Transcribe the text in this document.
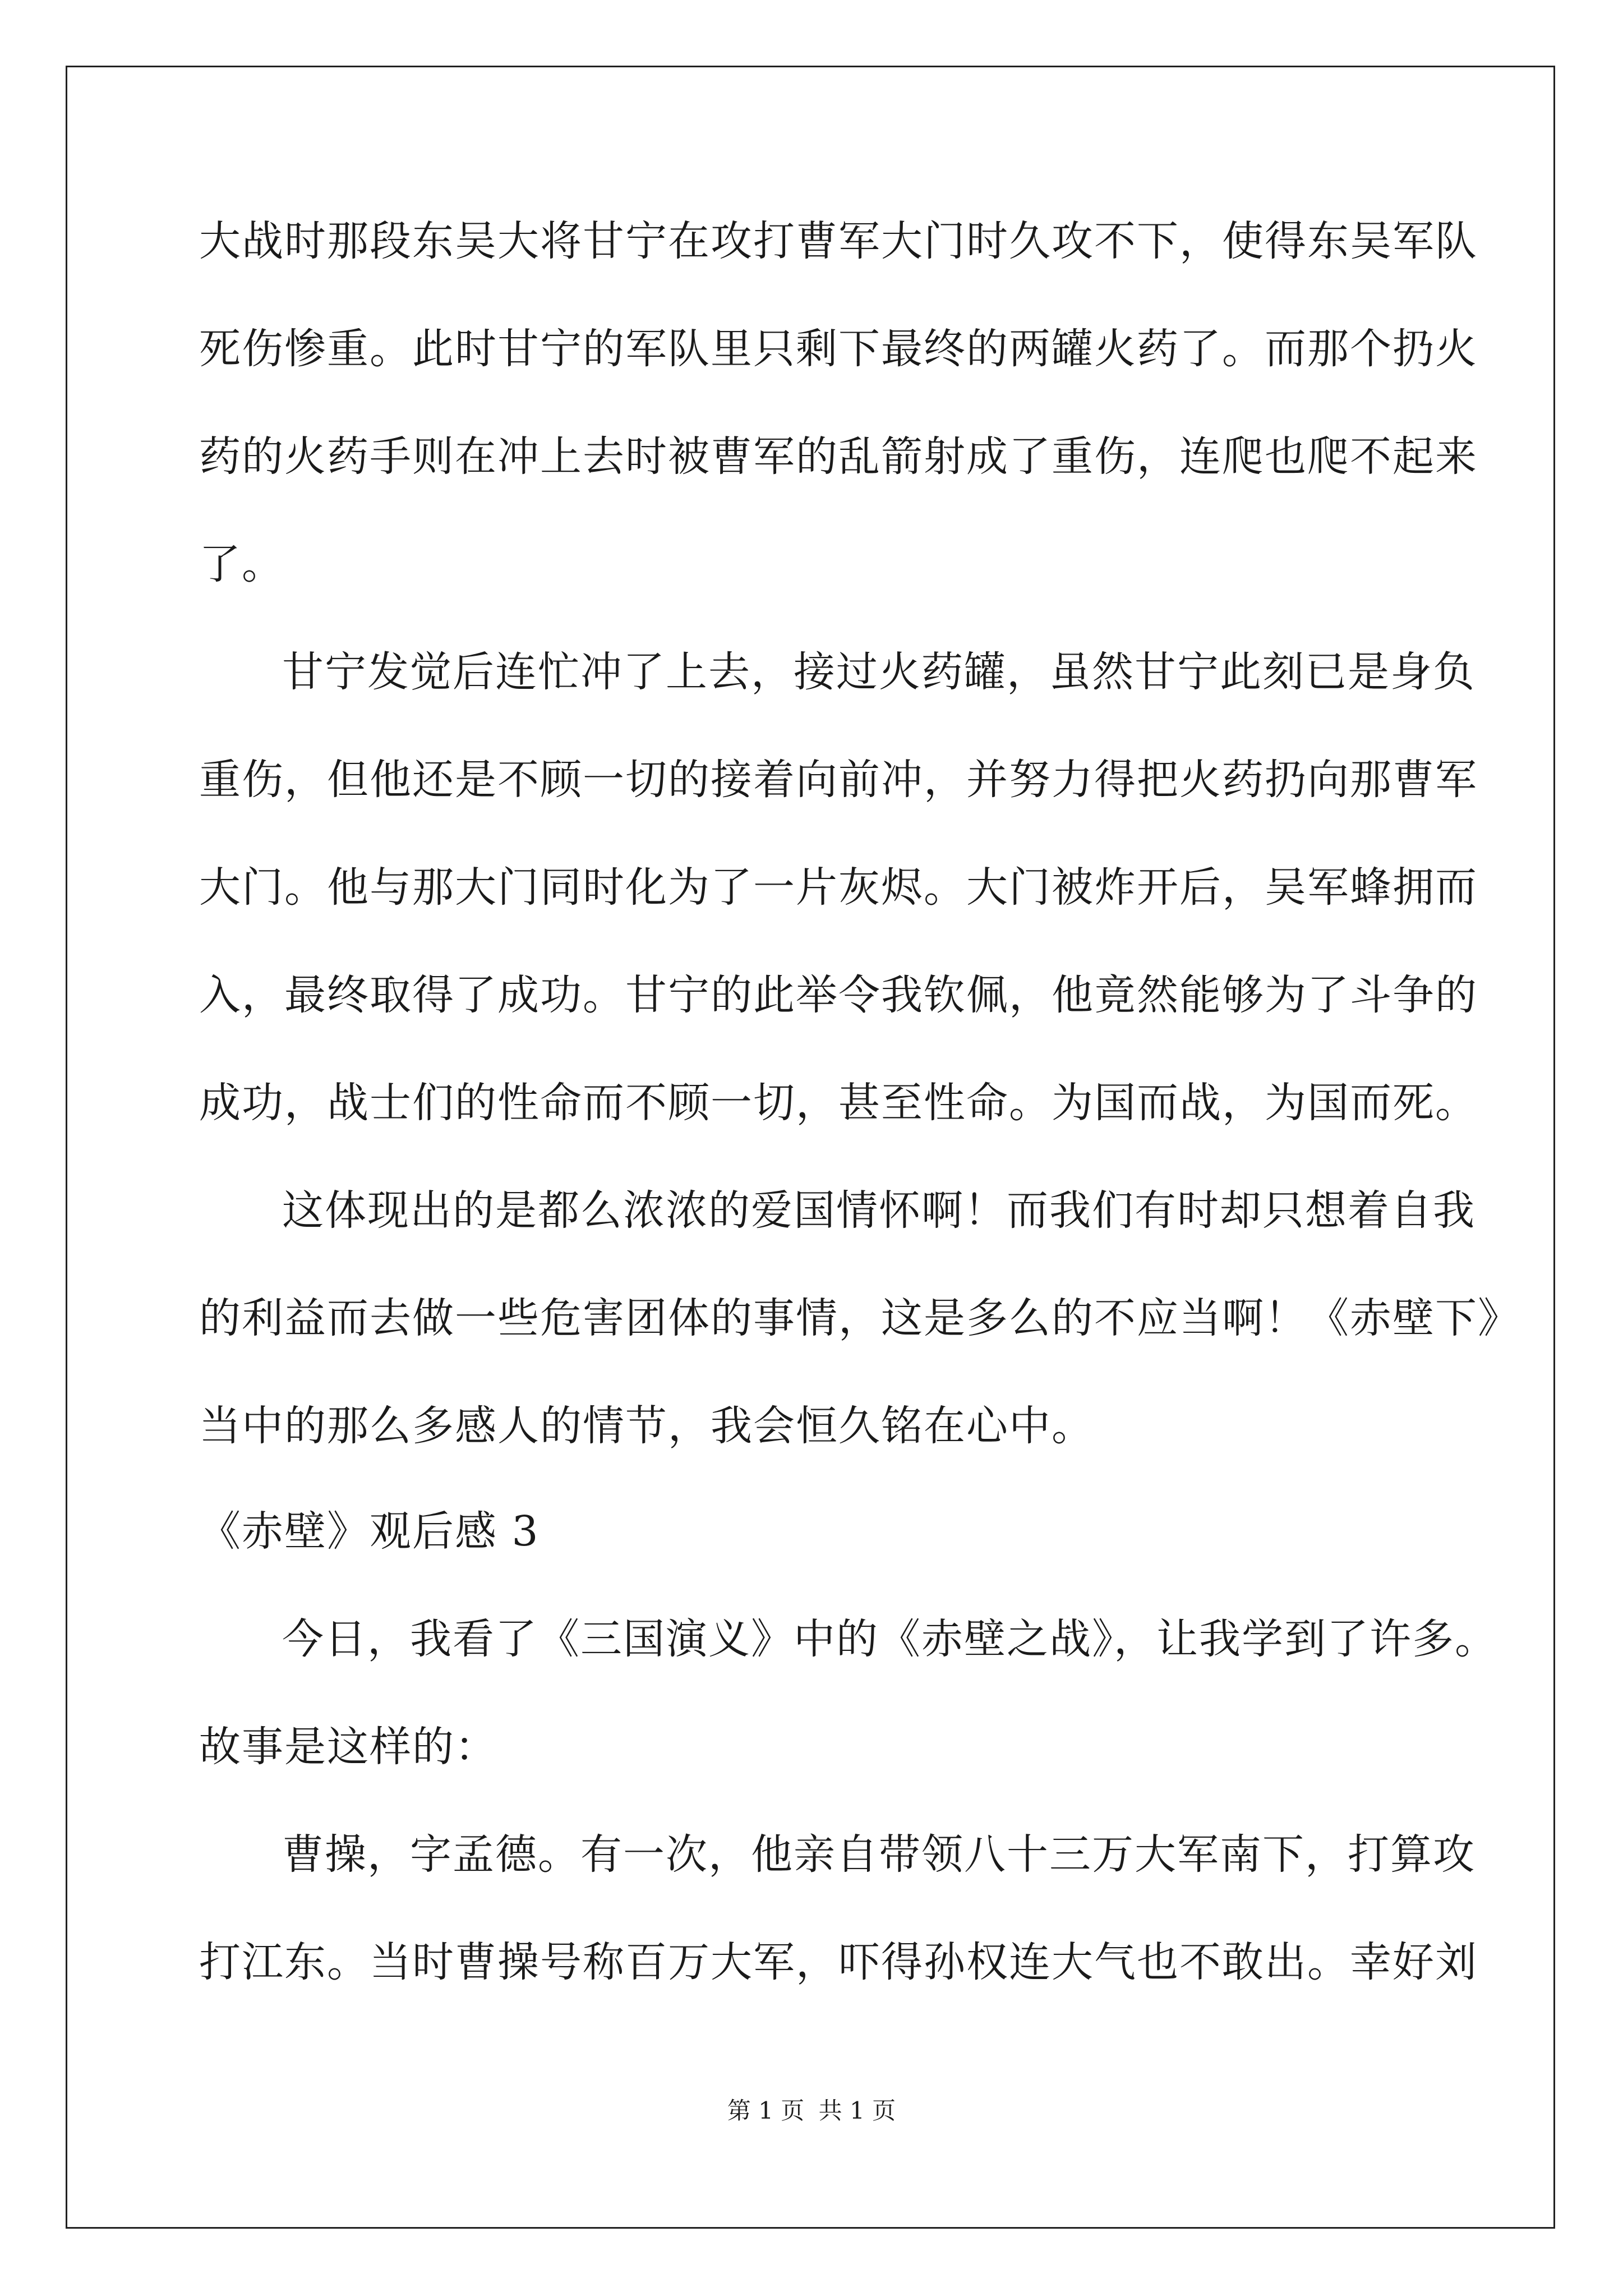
大战时那段东吴大将甘宁在攻打曹军大门时久攻不下，使得东吴军队
死伤惨重。此时甘宁的军队里只剩下最终的两罐火药了。而那个扔火
药的火药手则在冲上去时被曹军的乱箭射成了重伤，连爬也爬不起来
了。
甘宁发觉后连忙冲了上去，接过火药罐，虽然甘宁此刻已是身负
重伤，但他还是不顾一切的接着向前冲，并努力得把火药扔向那曹军
大门。他与那大门同时化为了一片灰烬。大门被炸开后，吴军蜂拥而
入，最终取得了成功。甘宁的此举令我钦佩，他竟然能够为了斗争的
成功，战士们的性命而不顾一切，甚至性命。为国而战，为国而死。
这体现出的是都么浓浓的爱国情怀啊！而我们有时却只想着自我
的利益而去做一些危害团体的事情，这是多么的不应当啊！《赤壁下》
当中的那么多感人的情节，我会恒久铭在心中。
《赤壁》观后感 3
今日，我看了《三国演义》中的《赤壁之战》，让我学到了许多。
故事是这样的：
曹操，字孟德。有一次，他亲自带领八十三万大军南下，打算攻
打江东。当时曹操号称百万大军，吓得孙权连大气也不敢出。幸好刘
第 1 页 共 1 页
